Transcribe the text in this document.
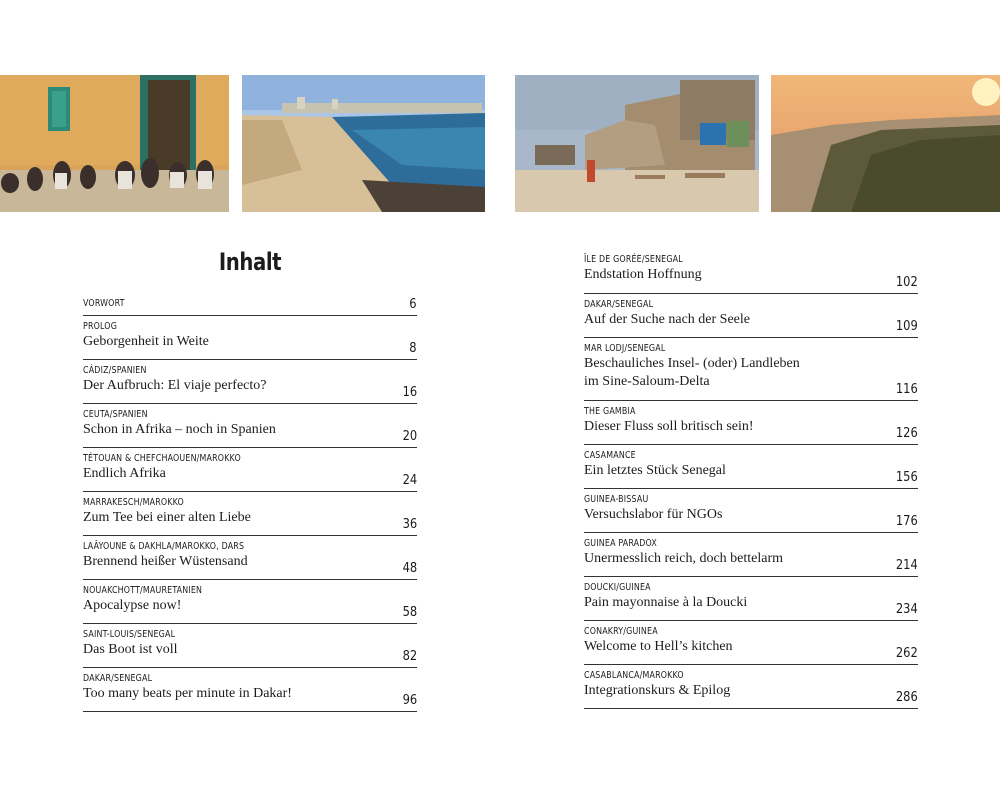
Inhalt
VORWORT	6
PROLOG
Geborgenheit in Weite	8
CÁDIZ/SPANIEN
Der Aufbruch: El viaje perfecto?	16
CEUTA/SPANIEN
Schon in Afrika – noch in Spanien	20
TÉTOUAN & CHEFCHAOUEN/MAROKKO
Endlich Afrika	24
MARRAKESCH/MAROKKO
Zum Tee bei einer alten Liebe	36
LAÂYOUNE & DAKHLA/MAROKKO, DARS
Brennend heißer Wüstensand	48
NOUAKCHOTT/MAURETANIEN
Apocalypse now!	58
SAINT-LOUIS/SENEGAL
Das Boot ist voll	82
DAKAR/SENEGAL
Too many beats per minute in Dakar!	96
ÎLE DE GORÉE/SENEGAL
Endstation Hoffnung	102
DAKAR/SENEGAL
Auf der Suche nach der Seele	109
MAR LODJ/SENEGAL
Beschauliches Insel- (oder) Landleben
im Sine-Saloum-Delta	116
THE GAMBIA
Dieser Fluss soll britisch sein!	126
CASAMANCE
Ein letztes Stück Senegal	156
GUINEA-BISSAU
Versuchslabor für NGOs	176
GUINEA PARADOX
Unermesslich reich, doch bettelarm	214
DOUCKI/GUINEA
Pain mayonnaise à la Doucki	234
CONAKRY/GUINEA
Welcome to Hell’s kitchen	262
CASABLANCA/MAROKKO
Integrationskurs & Epilog	286
